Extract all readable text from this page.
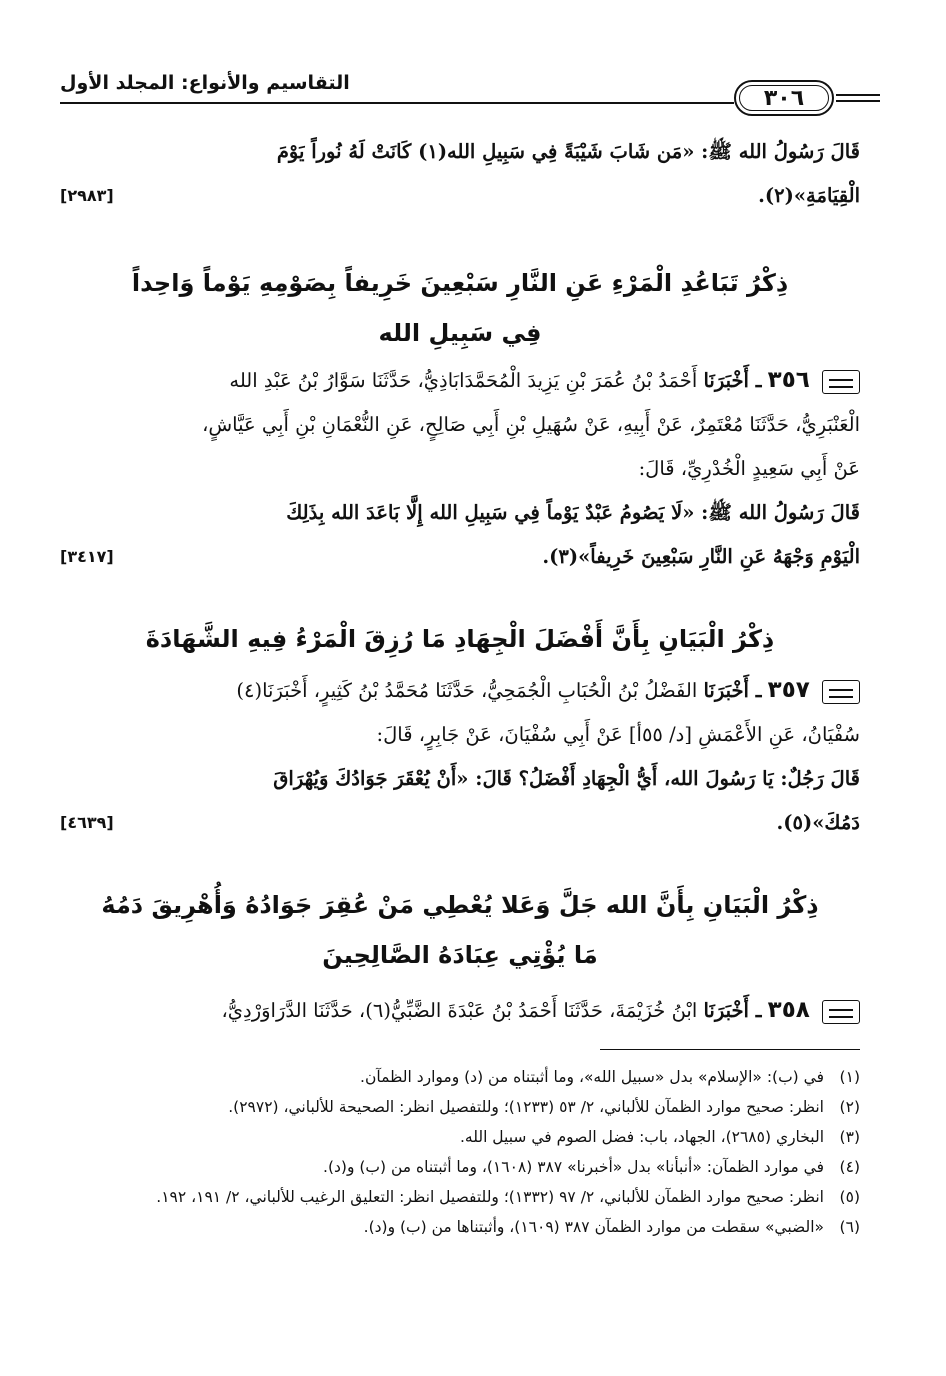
٣٠٦
التقاسيم والأنواع: المجلد الأول
قَالَ رَسُولُ الله ﷺ: «مَن شَابَ شَيْبَةً فِي سَبِيلِ الله(١) كَانَتْ لَهُ نُوراً يَوْمَ
الْقِيَامَةِ»(٢).
[٢٩٨٣]
ذِكْرُ تَبَاعُدِ الْمَرْءِ عَنِ النَّارِ سَبْعِينَ خَرِيفاً بِصَوْمِهِ يَوْماً وَاحِداً
فِي سَبِيلِ الله
٣٥٦ ـ أَخْبَرَنَا أَحْمَدُ بْنُ عُمَرَ بْنِ يَزِيدَ الْمُحَمَّدَابَاذِيُّ، حَدَّثَنَا سَوَّارُ بْنُ عَبْدِ الله
الْعَنْبَرِيُّ، حَدَّثَنَا مُعْتَمِرٌ، عَنْ أَبِيهِ، عَنْ سُهَيلِ بْنِ أَبِي صَالِحٍ، عَنِ النُّعْمَانِ بْنِ أَبِي عَيَّاشٍ،
عَنْ أَبِي سَعِيدٍ الْخُدْرِيِّ، قَالَ:
قَالَ رَسُولُ الله ﷺ: «لَا يَصُومُ عَبْدٌ يَوْماً فِي سَبِيلِ الله إِلَّا بَاعَدَ الله بِذَلِكَ
الْيَوْمِ وَجْهَهُ عَنِ النَّارِ سَبْعِينَ خَرِيفاً»(٣).
[٣٤١٧]
ذِكْرُ الْبَيَانِ بِأَنَّ أَفْضَلَ الْجِهَادِ مَا رُزِقَ الْمَرْءُ فِيهِ الشَّهَادَةَ
٣٥٧ ـ أَخْبَرَنَا الفَضْلُ بْنُ الْحُبَابِ الْجُمَحِيُّ، حَدَّثَنَا مُحَمَّدُ بْنُ كَثِيرٍ، أَخْبَرَنَا(٤)
سُفْيَانُ، عَنِ الأَعْمَشِ [د/ ٥٥أ] عَنْ أَبِي سُفْيَانَ، عَنْ جَابِرٍ، قَالَ:
قَالَ رَجُلٌ: يَا رَسُولَ الله، أَيُّ الْجِهَادِ أَفْضَلُ؟ قَالَ: «أَنْ يُعْقَرَ جَوَادُكَ وَيُهْرَاقَ
دَمُكَ»(٥).
[٤٦٣٩]
ذِكْرُ الْبَيَانِ بِأَنَّ الله جَلَّ وَعَلا يُعْطِي مَنْ عُقِرَ جَوَادُهُ وَأُهْرِيقَ دَمُهُ
مَا يُؤْتِي عِبَادَهُ الصَّالِحِينَ
٣٥٨ ـ أَخْبَرَنَا ابْنُ خُزَيْمَةَ، حَدَّثَنَا أَحْمَدُ بْنُ عَبْدَةَ الضَّبِّيُّ(٦)، حَدَّثَنَا الدَّرَاوَرْدِيُّ،
(١)
في (ب): «الإسلام» بدل «سبيل الله»، وما أثبتناه من (د) وموارد الظمآن.
(٢)
انظر: صحيح موارد الظمآن للألباني، ٢/ ٥٣ (١٢٣٣)؛ وللتفصيل انظر: الصحيحة للألباني، (٢٩٧٢).
(٣)
البخاري (٢٦٨٥)، الجهاد، باب: فضل الصوم في سبيل الله.
(٤)
في موارد الظمآن: «أنبأنا» بدل «أخبرنا» ٣٨٧ (١٦٠٨)، وما أثبتناه من (ب) و(د).
(٥)
انظر: صحيح موارد الظمآن للألباني، ٢/ ٩٧ (١٣٣٢)؛ وللتفصيل انظر: التعليق الرغيب للألباني، ٢/ ١٩١، ١٩٢.
(٦)
«الضبي» سقطت من موارد الظمآن ٣٨٧ (١٦٠٩)، وأثبتناها من (ب) و(د).
